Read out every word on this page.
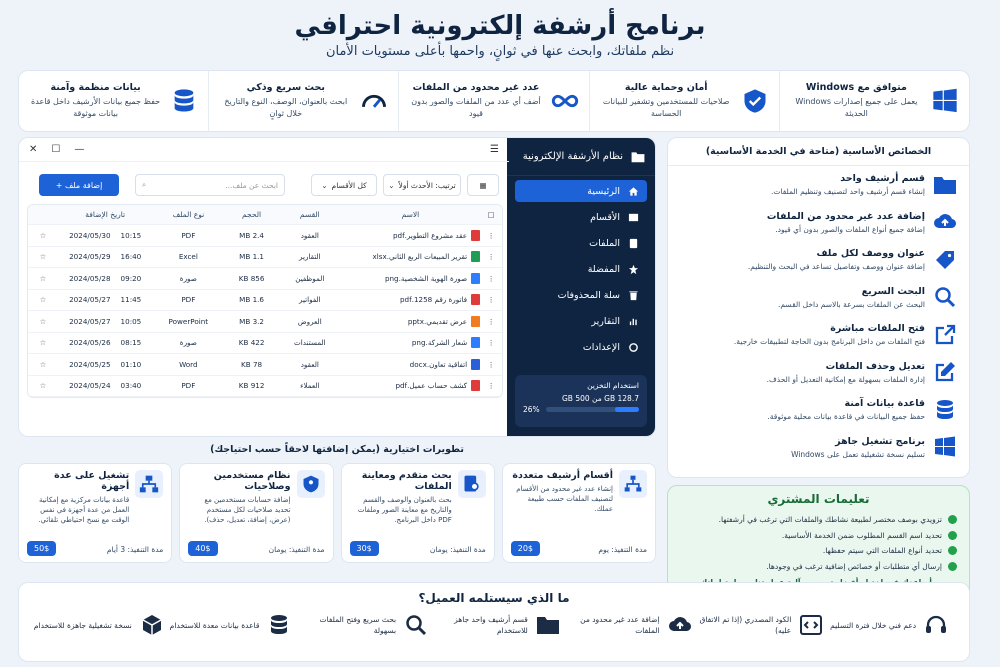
برنامج أرشفة إلكترونية احترافي

نظم ملفاتك، وابحث عنها في ثوانٍ، واحمها بأعلى مستويات الأمان

متوافق مع Windows
يعمل على جميع إصدارات Windows الحديثة
أمان وحماية عالية
صلاحيات للمستخدمين وتشفير للبيانات الحساسة
عدد غير محدود من الملفات
أضف أي عدد من الملفات والصور بدون قيود
بحث سريع وذكي
ابحث بالعنوان، الوصف، النوع والتاريخ خلال ثوانٍ
بيانات منظمة وآمنة
حفظ جميع بيانات الأرشيف داخل قاعدة بيانات موثوقة
نظام الأرشفة الإلكترونية
الرئيسية
الأقسام
الملفات
المفضلة
سلة المحذوفات
التقارير
الإعدادات
استخدام التخزين
128.7 GB من 500 GB
26%
✕ ☐ —	☰
▦
ترتيب: الأحدث أولاً
⌄
كل الأقسام
⌄
ابحث عن ملف...
⌕
إضافة ملف +
▢
الاسم
القسم
الحجم
نوع الملف
تاريخ الإضافة
⋮
عقد مشروع التطوير.pdf
العقود
2.4 MB
PDF
10:15
2024/05/30
☆
⋮
تقرير المبيعات الربع الثاني.xlsx
التقارير
1.1 MB
Excel
16:40
2024/05/29
☆
⋮
صورة الهوية الشخصية.png
الموظفين
856 KB
صورة
09:20
2024/05/28
☆
⋮
فاتورة رقم 1258.pdf
الفواتير
1.6 MB
PDF
11:45
2024/05/27
☆
⋮
عرض تقديمي.pptx
العروض
3.2 MB
PowerPoint
10:05
2024/05/27
☆
⋮
شعار الشركة.png
المستندات
422 KB
صورة
08:15
2024/05/26
☆
⋮
اتفاقية تعاون.docx
العقود
78 KB
Word
01:10
2024/05/25
☆
⋮
كشف حساب عميل.pdf
العملاء
912 KB
PDF
03:40
2024/05/24
☆
الخصائص الأساسية (متاحة في الخدمة الأساسية)
قسم أرشيف واحد
إنشاء قسم أرشيف واحد لتصنيف وتنظيم الملفات.
إضافة عدد غير محدود من الملفات
إضافة جميع أنواع الملفات والصور بدون أي قيود.
عنوان ووصف لكل ملف
إضافة عنوان ووصف وتفاصيل تساعد في البحث والتنظيم.
البحث السريع
البحث عن الملفات بسرعة بالاسم داخل القسم.
فتح الملفات مباشرة
فتح الملفات من داخل البرنامج بدون الحاجة لتطبيقات خارجية.
تعديل وحذف الملفات
إدارة الملفات بسهولة مع إمكانية التعديل أو الحذف.
قاعدة بيانات آمنة
حفظ جميع البيانات في قاعدة بيانات محلية موثوقة.
برنامج تشغيل جاهز
تسليم نسخة تشغيلية تعمل على Windows
تعليمات المشتري
تزويدي بوصف مختصر لطبيعة نشاطك والملفات التي ترغب في أرشفتها.
تحديد اسم القسم المطلوب ضمن الخدمة الأساسية.
تحديد أنواع الملفات التي سيتم حفظها.
إرسال أي متطلبات أو خصائص إضافية ترغب في وجودها.
تطويرات اختيارية (يمكن إضافتها لاحقاً حسب احتياجك)
أقسام أرشيف متعددة
إنشاء عدد غير محدود من الأقسام لتصنيف الملفات حسب طبيعة عملك.
مدة التنفيذ: يوم
20$
بحث متقدم ومعاينة الملفات
بحث بالعنوان والوصف والقسم والتاريخ مع معاينة الصور وملفات PDF داخل البرنامج.
مدة التنفيذ: يومان
30$
نظام مستخدمين وصلاحيات
إضافة حسابات مستخدمين مع تحديد صلاحيات لكل مستخدم (عرض، إضافة، تعديل، حذف).
مدة التنفيذ: يومان
40$
تشغيل على عدة أجهزة
قاعدة بيانات مركزية مع إمكانية العمل من عدة أجهزة في نفس الوقت مع نسخ احتياطي تلقائي.
مدة التنفيذ: 3 أيام
50$
ما الذي سيستلمه العميل؟
دعم فني خلال فترة التسليم
الكود المصدري (إذا تم الاتفاق عليه)
إضافة عدد غير محدود من الملفات
قسم أرشيف واحد جاهز للاستخدام
بحث سريع وفتح الملفات بسهولة
قاعدة بيانات معدة للاستخدام
نسخة تشغيلية جاهزة للاستخدام
